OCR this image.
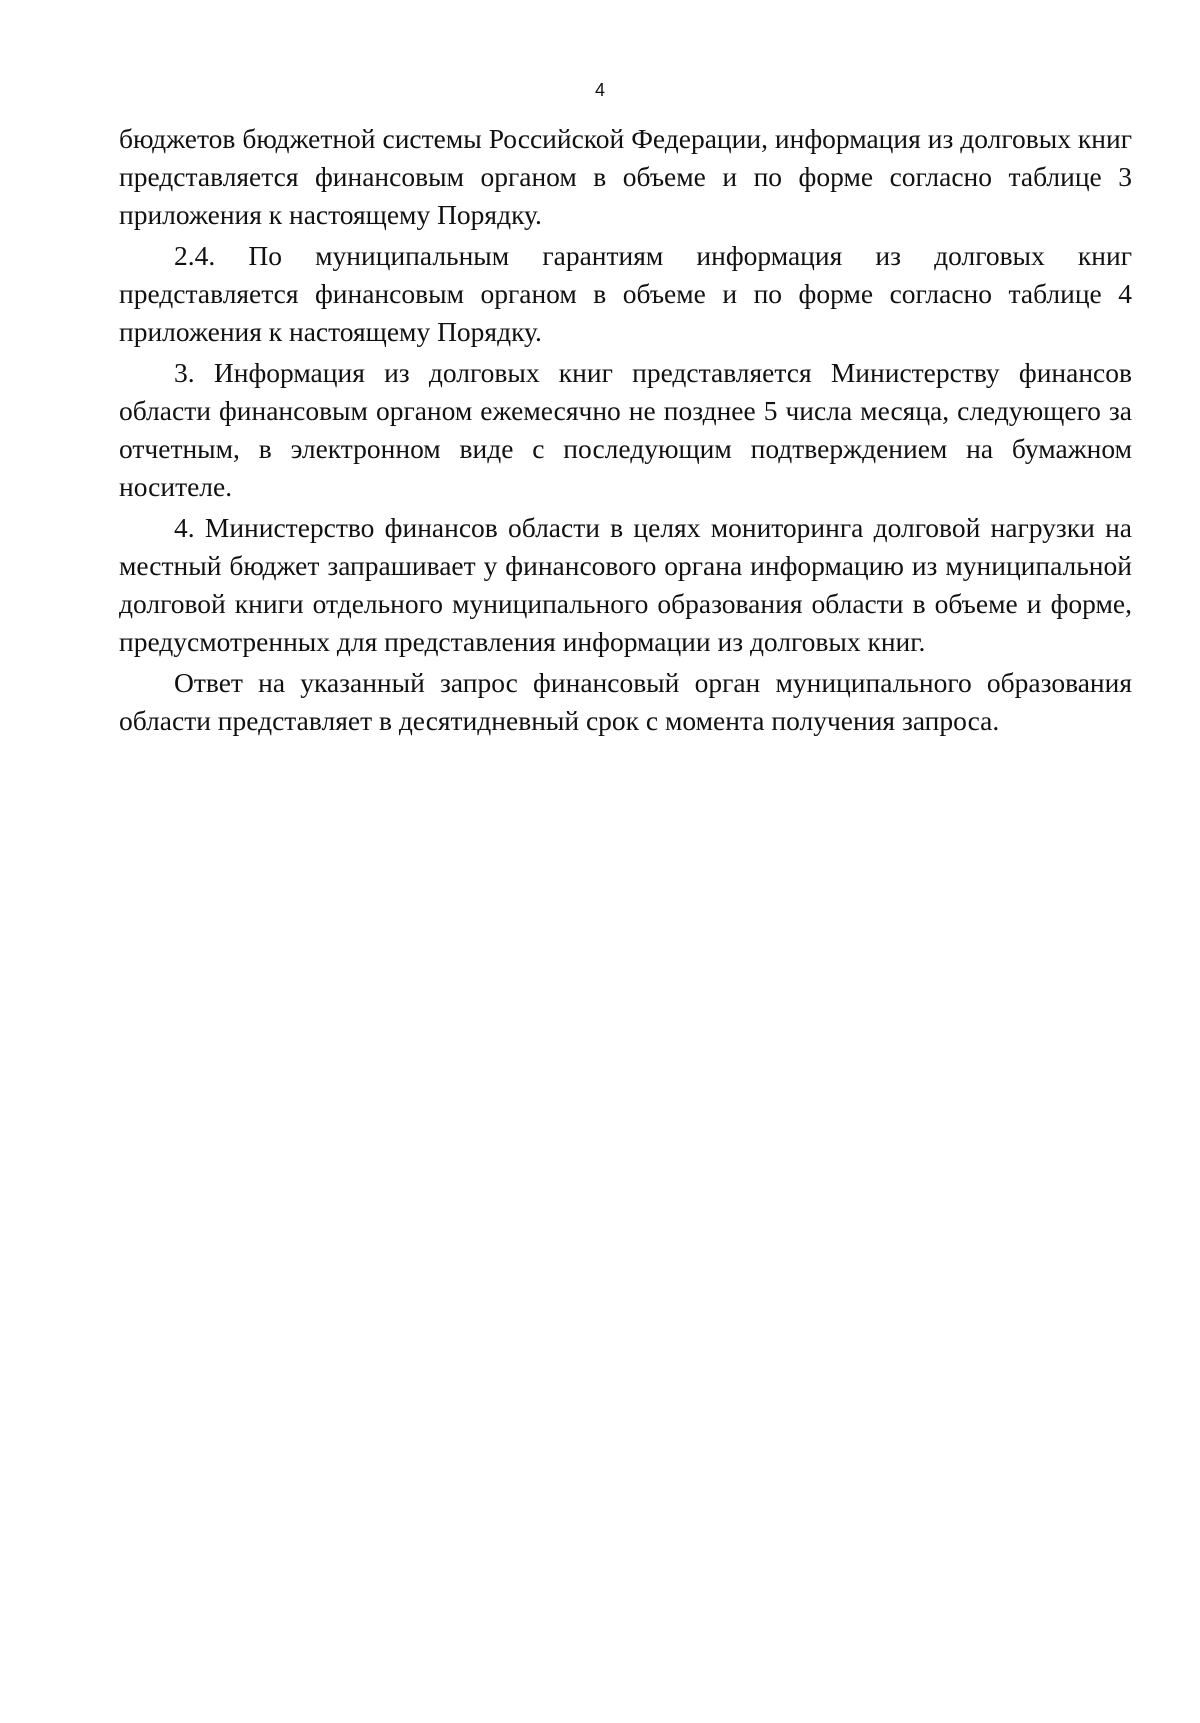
4

бюджетов бюджетной системы Российской Федерации, информация из долговых книг представляется финансовым органом в объеме и по форме согласно таблице 3 приложения к настоящему Порядку.

2.4. По муниципальным гарантиям информация из долговых книг представляется финансовым органом в объеме и по форме согласно таблице 4 приложения к настоящему Порядку.

3. Информация из долговых книг представляется Министерству финансов области финансовым органом ежемесячно не позднее 5 числа месяца, следующего за отчетным, в электронном виде с последующим подтверждением на бумажном носителе.

4. Министерство финансов области в целях мониторинга долговой нагрузки на местный бюджет запрашивает у финансового органа информацию из муниципальной долговой книги отдельного муниципального образования области в объеме и форме, предусмотренных для представления информации из долговых книг.

Ответ на указанный запрос финансовый орган муниципального образования области представляет в десятидневный срок с момента получения запроса.
